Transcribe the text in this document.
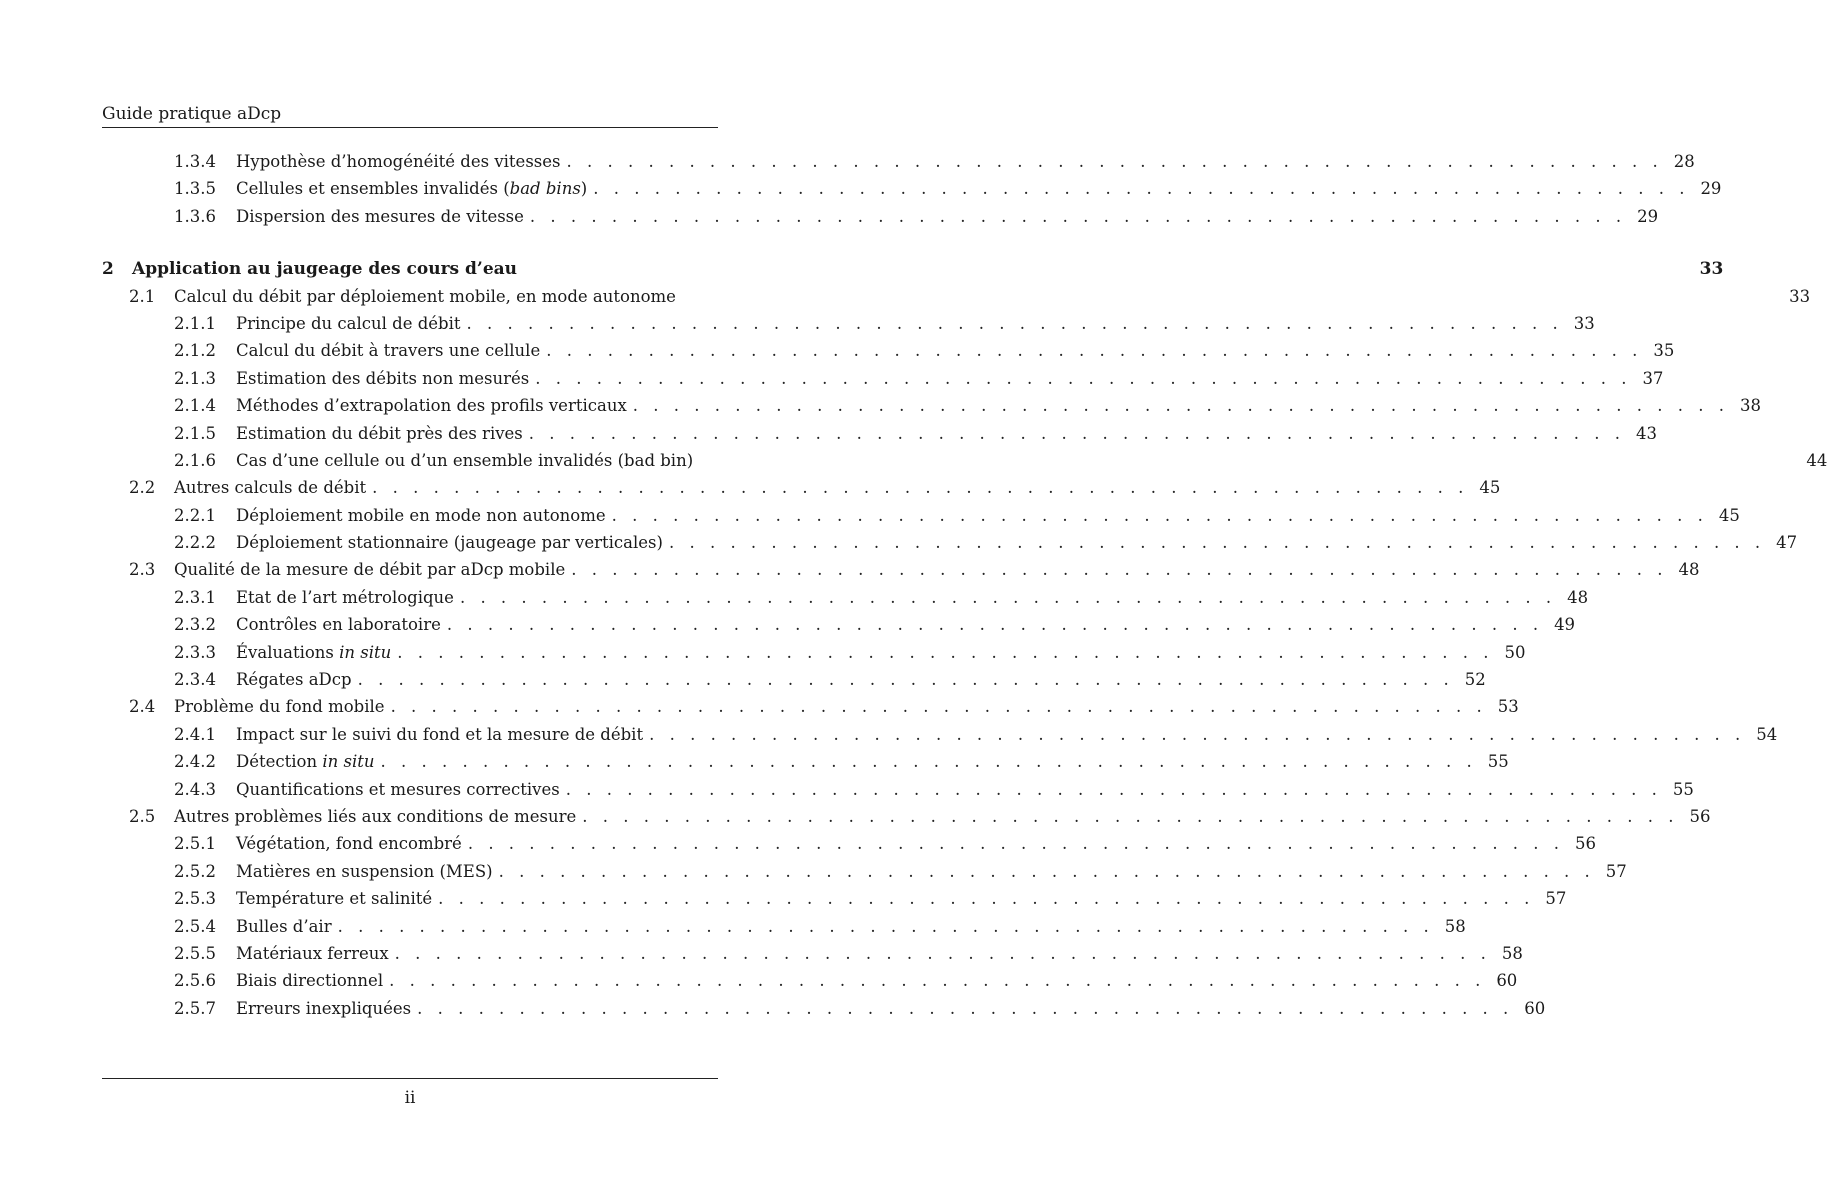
Guide pratique aDcp
1.3.4	Hypothèse d’homogénéité des vitesses . . .	28
1.3.5	Cellules et ensembles invalidés (bad bins) . . .	29
1.3.6	Dispersion des mesures de vitesse . . .	29
2	Application au jaugeage des cours d’eau	33
2.1	Calcul du débit par déploiement mobile, en mode autonome	33
2.1.1	Principe du calcul de débit . . .	33
2.1.2	Calcul du débit à travers une cellule . . .	35
2.1.3	Estimation des débits non mesurés . . .	37
2.1.4	Méthodes d’extrapolation des profils verticaux . . .	38
2.1.5	Estimation du débit près des rives . . .	43
2.1.6	Cas d’une cellule ou d’un ensemble invalidés (bad bin)	44
2.2	Autres calculs de débit . . .	45
2.2.1	Déploiement mobile en mode non autonome . . .	45
2.2.2	Déploiement stationnaire (jaugeage par verticales) . . .	47
2.3	Qualité de la mesure de débit par aDcp mobile . . .	48
2.3.1	Etat de l’art métrologique . . .	48
2.3.2	Contrôles en laboratoire . . .	49
2.3.3	Évaluations in situ . . .	50
2.3.4	Régates aDcp . . .	52
2.4	Problème du fond mobile . . .	53
2.4.1	Impact sur le suivi du fond et la mesure de débit . . .	54
2.4.2	Détection in situ . . .	55
2.4.3	Quantifications et mesures correctives . . .	55
2.5	Autres problèmes liés aux conditions de mesure . . .	56
2.5.1	Végétation, fond encombré . . .	56
2.5.2	Matières en suspension (MES) . . .	57
2.5.3	Température et salinité . . .	57
2.5.4	Bulles d’air . . .	58
2.5.5	Matériaux ferreux . . .	58
2.5.6	Biais directionnel . . .	60
2.5.7	Erreurs inexpliquées . . .	60
ii
